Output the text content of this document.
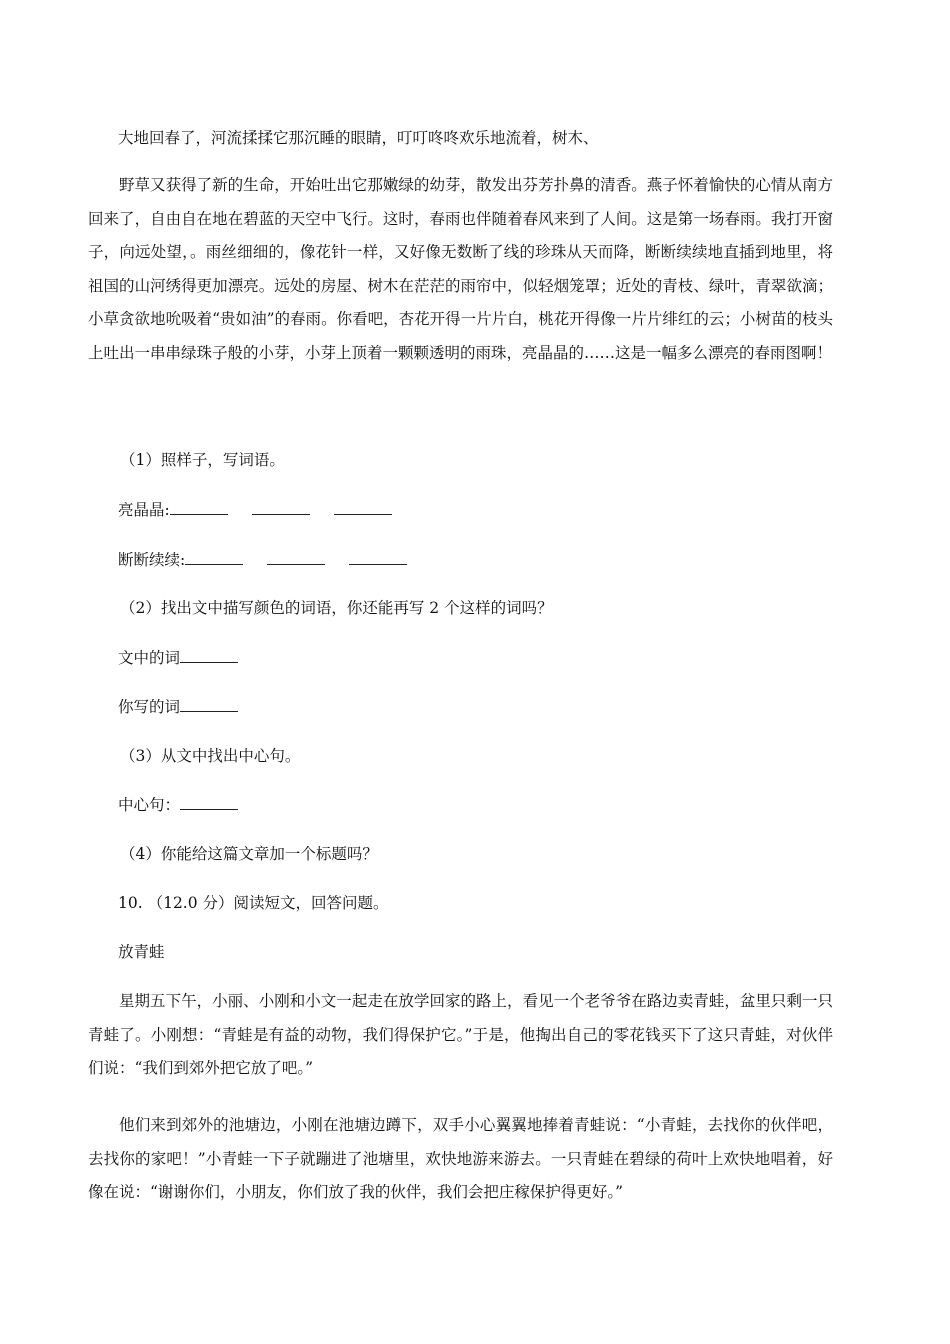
大地回春了，河流揉揉它那沉睡的眼睛，叮叮咚咚欢乐地流着，树木、
野草又获得了新的生命，开始吐出它那嫩绿的幼芽，散发出芬芳扑鼻的清香。燕子怀着愉快的心情从南方回来了，自由自在地在碧蓝的天空中飞行。这时，春雨也伴随着春风来到了人间。这是第一场春雨。我打开窗子，向远处望，。雨丝细细的，像花针一样，又好像无数断了线的珍珠从天而降，断断续续地直插到地里，将祖国的山河绣得更加漂亮。远处的房屋、树木在茫茫的雨帘中，似轻烟笼罩；近处的青枝、绿叶，青翠欲滴；小草贪欲地吮吸着“贵如油”的春雨。你看吧，杏花开得一片片白，桃花开得像一片片绯红的云；小树苗的枝头上吐出一串串绿珠子般的小芽，小芽上顶着一颗颗透明的雨珠，亮晶晶的……这是一幅多么漂亮的春雨图啊！
（1）照样子，写词语。
亮晶晶:
断断续续:
（2）找出文中描写颜色的词语，你还能再写 2 个这样的词吗？
文中的词
你写的词
（3）从文中找出中心句。
中心句：
（4）你能给这篇文章加一个标题吗？
10. （12.0 分）阅读短文，回答问题。
放青蛙
星期五下午，小丽、小刚和小文一起走在放学回家的路上，看见一个老爷爷在路边卖青蛙，盆里只剩一只青蛙了。小刚想：“青蛙是有益的动物，我们得保护它。”于是，他掏出自己的零花钱买下了这只青蛙，对伙伴们说：“我们到郊外把它放了吧。”
他们来到郊外的池塘边，小刚在池塘边蹲下，双手小心翼翼地捧着青蛙说：“小青蛙，去找你的伙伴吧，去找你的家吧！”小青蛙一下子就蹦进了池塘里，欢快地游来游去。一只青蛙在碧绿的荷叶上欢快地唱着，好像在说：“谢谢你们，小朋友，你们放了我的伙伴，我们会把庄稼保护得更好。”
